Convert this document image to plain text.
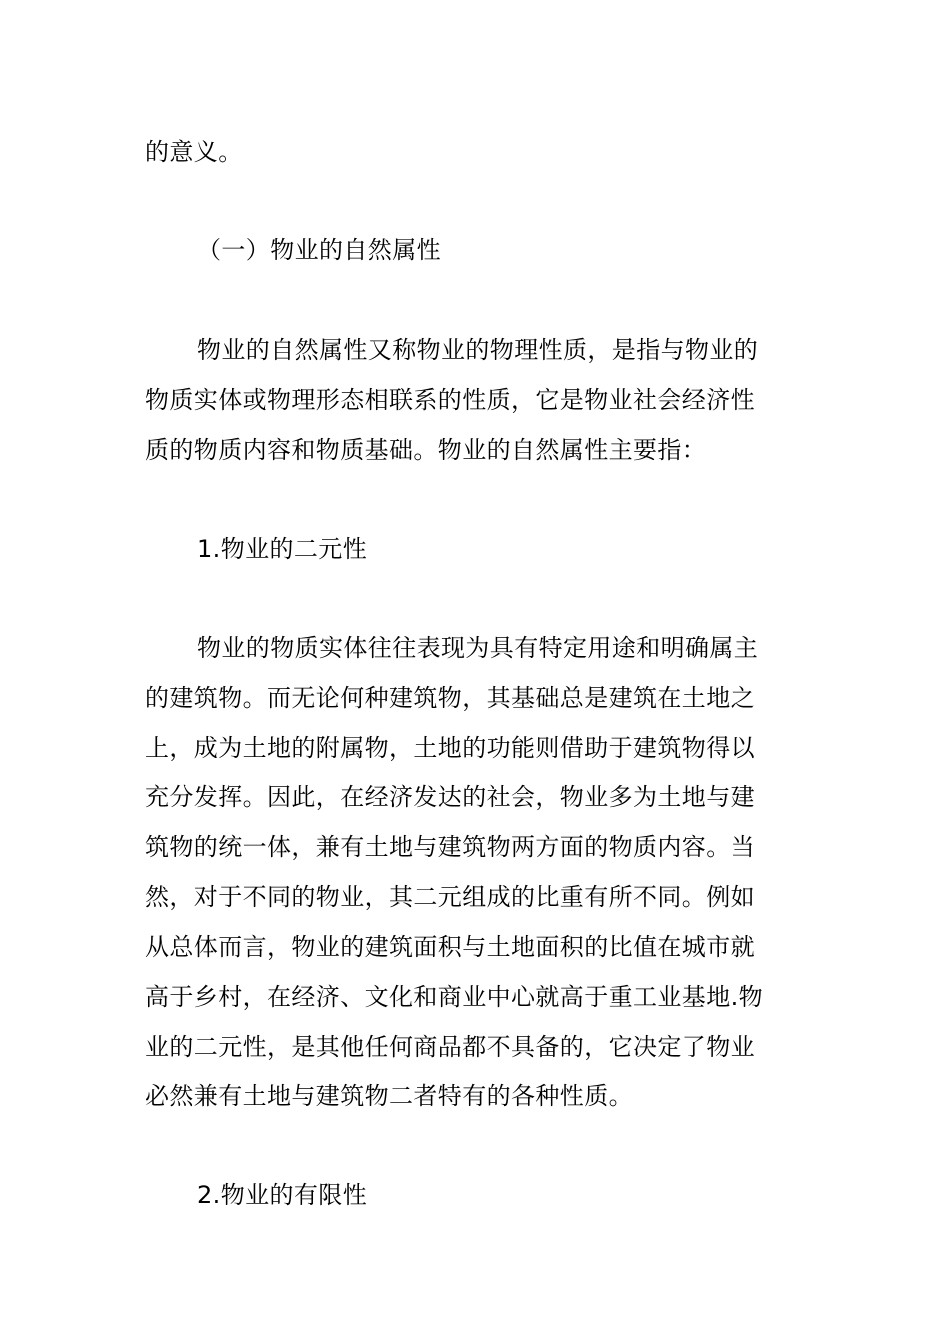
的意义。
（一）物业的自然属性
物业的自然属性又称物业的物理性质，是指与物业的
物质实体或物理形态相联系的性质，它是物业社会经济性
质的物质内容和物质基础。物业的自然属性主要指：
1.物业的二元性
物业的物质实体往往表现为具有特定用途和明确属主
的建筑物。而无论何种建筑物，其基础总是建筑在土地之
上，成为土地的附属物，土地的功能则借助于建筑物得以
充分发挥。因此，在经济发达的社会，物业多为土地与建
筑物的统一体，兼有土地与建筑物两方面的物质内容。当
然，对于不同的物业，其二元组成的比重有所不同。例如
从总体而言，物业的建筑面积与土地面积的比值在城市就
高于乡村，在经济、文化和商业中心就高于重工业基地.物
业的二元性，是其他任何商品都不具备的，它决定了物业
必然兼有土地与建筑物二者特有的各种性质。
2.物业的有限性
